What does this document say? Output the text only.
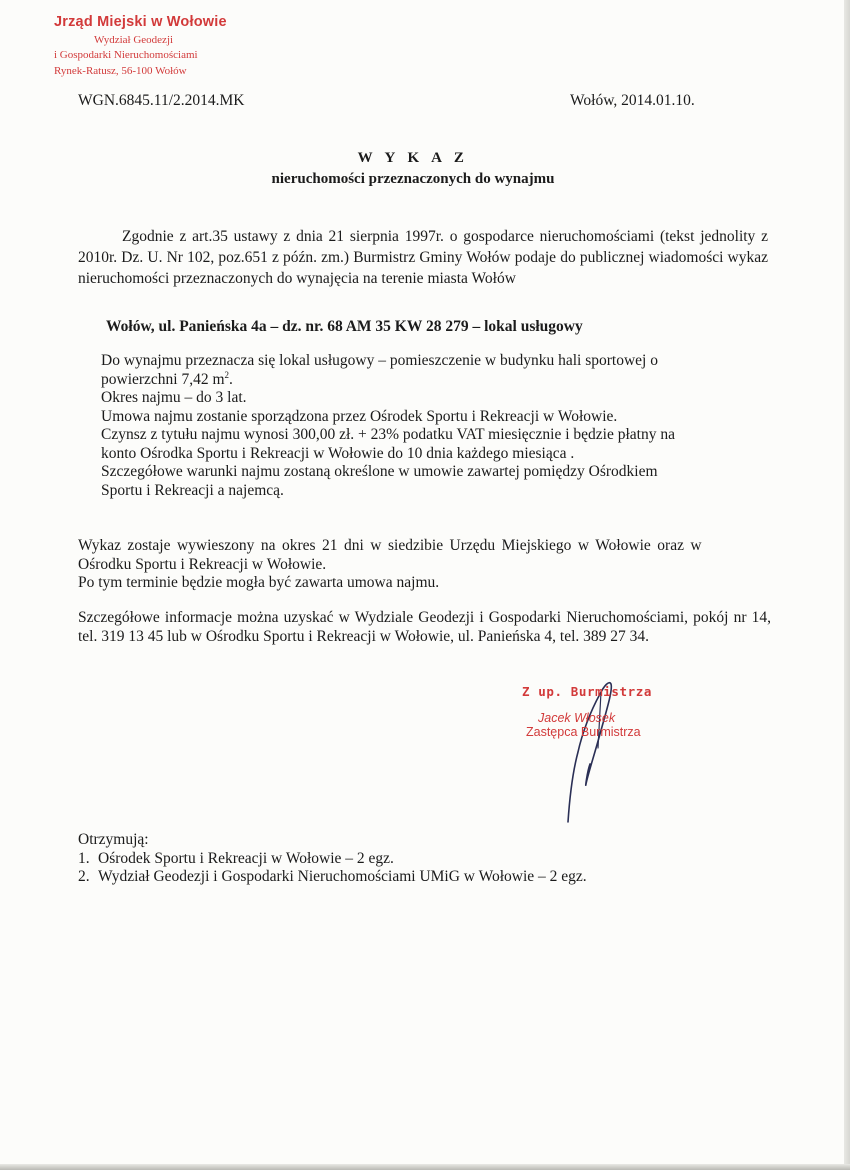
Jrząd Miejski w Wołowie
Wydział Geodezji
i Gospodarki Nieruchomościami
Rynek-Ratusz, 56-100 Wołów
WGN.6845.11/2.2014.MK	Wołów, 2014.01.10.
W Y K A Z
nieruchomości przeznaczonych do wynajmu
Zgodnie z art.35 ustawy z dnia 21 sierpnia 1997r. o gospodarce nieruchomościami (tekst jednolity z 2010r. Dz. U. Nr 102, poz.651 z późn. zm.) Burmistrz Gminy Wołów podaje do publicznej wiadomości wykaz nieruchomości przeznaczonych do wynajęcia na terenie miasta Wołów
Wołów, ul. Panieńska 4a – dz. nr. 68 AM 35 KW 28 279 – lokal usługowy

Do wynajmu przeznacza się lokal usługowy – pomieszczenie w budynku hali sportowej o

powierzchni 7,42 $m^2$.

Okres najmu – do 3 lat.

Umowa najmu zostanie sporządzona przez Ośrodek Sportu i Rekreacji w Wołowie.

Czynsz z tytułu najmu wynosi 300,00 zł. + 23% podatku VAT miesięcznie i będzie płatny na

konto Ośrodka Sportu i Rekreacji w Wołowie do 10 dnia każdego miesiąca .

Szczegółowe warunki najmu zostaną określone w umowie zawartej pomiędzy Ośrodkiem

Sportu i Rekreacji a najemcą.

Wykaz zostaje wywieszony na okres 21 dni w siedzibie Urzędu Miejskiego w Wołowie oraz w

Ośrodku Sportu i Rekreacji w Wołowie.

Po tym terminie będzie mogła być zawarta umowa najmu.

Szczegółowe informacje można uzyskać w Wydziale Geodezji i Gospodarki Nieruchomościami, pokój nr 14, tel. 319 13 45 lub w Ośrodku Sportu i Rekreacji w Wołowie, ul. Panieńska 4, tel. 389 27 34.
Z up. Burmistrza
Jacek Włosek
Zastępca Burmistrza
Otrzymują:
1. Ośrodek Sportu i Rekreacji w Wołowie – 2 egz.
2. Wydział Geodezji i Gospodarki Nieruchomościami UMiG w Wołowie – 2 egz.
